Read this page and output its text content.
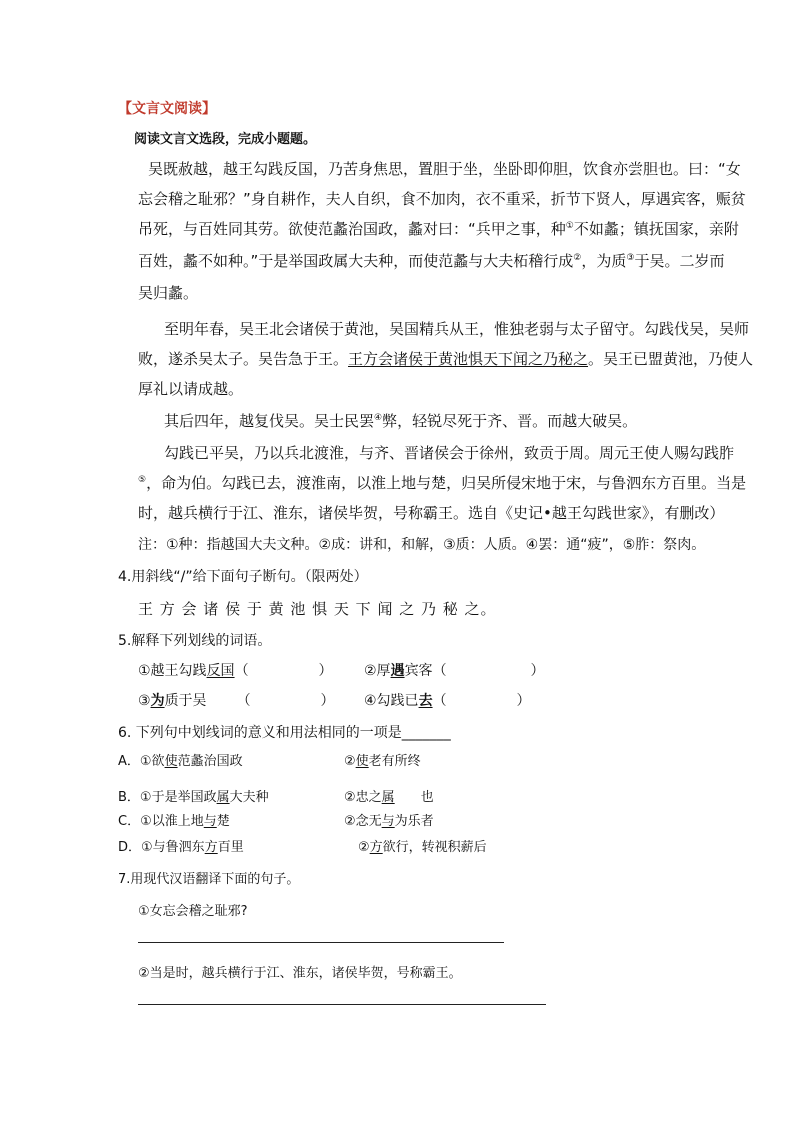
【文言文阅读】
阅读文言文选段，完成小题题。
吴既赦越，越王勾践反国，乃苦身焦思，置胆于坐，坐卧即仰胆，饮食亦尝胆也。曰：“女
忘会稽之耻邪？”身自耕作，夫人自织，食不加肉，衣不重采，折节下贤人，厚遇宾客，赈贫
吊死，与百姓同其劳。欲使范蠡治国政，蠡对曰：“兵甲之事，种①不如蠡；镇抚国家，亲附
百姓，蠡不如种。”于是举国政属大夫种，而使范蠡与大夫柘稽行成②，为质③于吴。二岁而
吴归蠡。
至明年春，吴王北会诸侯于黄池，吴国精兵从王，惟独老弱与太子留守。勾践伐吴，吴师
败，遂杀吴太子。吴告急于王。王方会诸侯于黄池惧天下闻之乃秘之。吴王已盟黄池，乃使人
厚礼以请成越。
其后四年，越复伐吴。吴士民罢④弊，轻锐尽死于齐、晋。而越大破吴。
勾践已平吴，乃以兵北渡淮，与齐、晋诸侯会于徐州，致贡于周。周元王使人赐勾践胙
⑤，命为伯。勾践已去，渡淮南，以淮上地与楚，归吴所侵宋地于宋，与鲁泗东方百里。当是
时，越兵横行于江、淮东，诸侯毕贺，号称霸王。选自《史记•越王勾践世家》，有删改）
注：①种：指越国大夫文种。②成：讲和，和解，③质：人质。④罢：通“疲”，⑤胙：祭肉。
4.用斜线“/”给下面句子断句。（限两处）
王 方 会 诸 侯 于 黄 池 惧 天 下 闻 之 乃 秘 之。
5.解释下列划线的词语。
①越王勾践反国（　　　　　） ②厚遇宾客（　　　　　　）
③为质于吴 （　　　　　） ④勾践已去（　　　　　）
6. 下列句中划线词的意义和用法相同的一项是_______
A．①欲使范蠡治国政	②使老有所终
B．①于是举国政属大夫种	②忠之属　　也
C．①以淮上地与楚	②念无与为乐者
D．①与鲁泗东方百里	②方欲行，转视积薪后
7.用现代汉语翻译下面的句子。
①女忘会稽之耻邪?
②当是时，越兵横行于江、淮东，诸侯毕贺，号称霸王。
